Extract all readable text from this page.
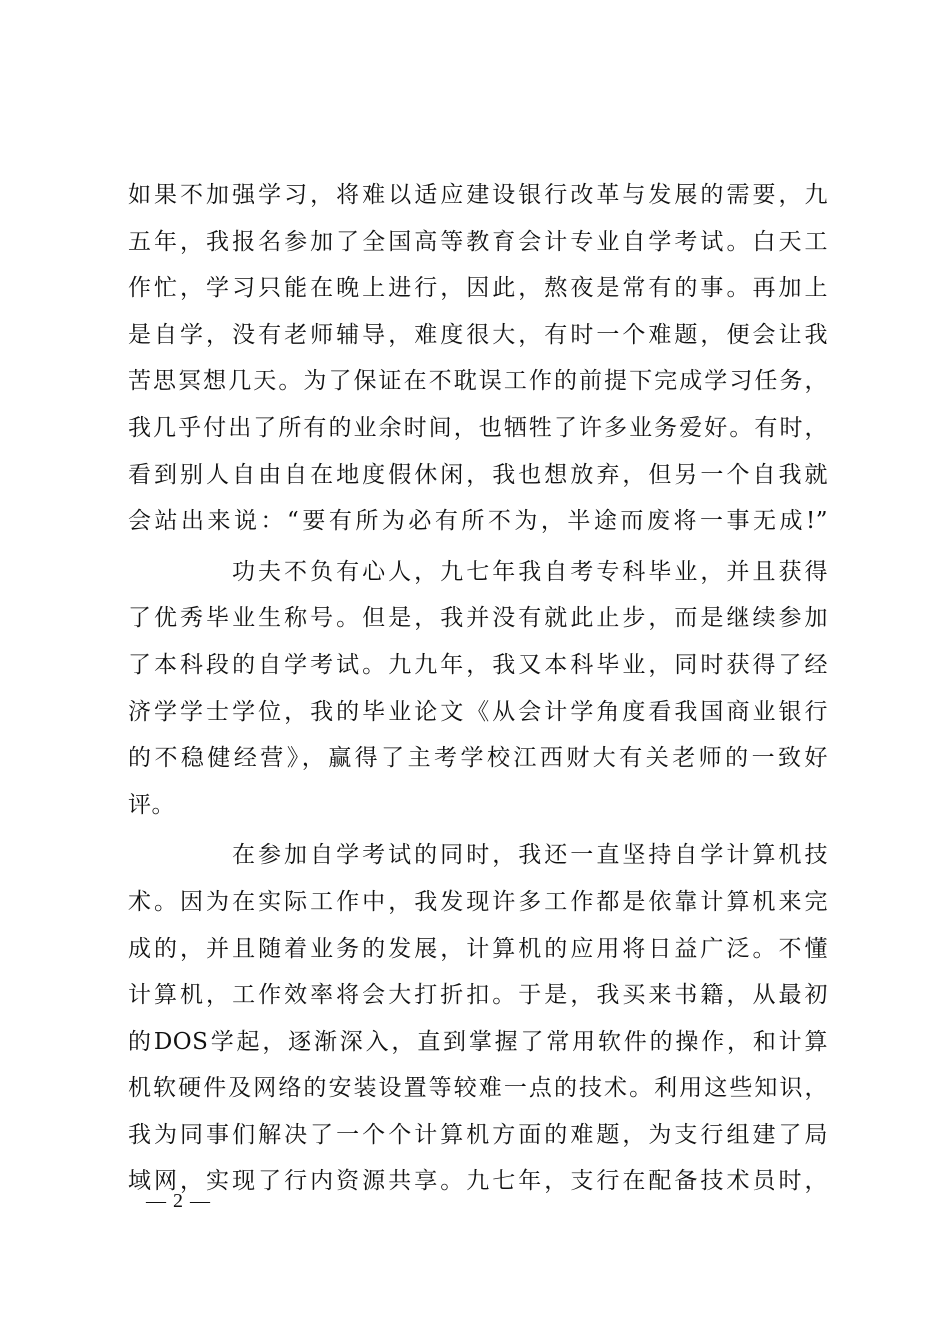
如果不加强学习，将难以适应建设银行改革与发展的需要，九
五年，我报名参加了全国高等教育会计专业自学考试。白天工
作忙，学习只能在晚上进行，因此，熬夜是常有的事。再加上
是自学，没有老师辅导，难度很大，有时一个难题，便会让我
苦思冥想几天。为了保证在不耽误工作的前提下完成学习任务，
我几乎付出了所有的业余时间，也牺牲了许多业务爱好。有时，
看到别人自由自在地度假休闲，我也想放弃，但另一个自我就
会站出来说：“要有所为必有所不为，半途而废将一事无成!”
功夫不负有心人，九七年我自考专科毕业，并且获得
了优秀毕业生称号。但是，我并没有就此止步，而是继续参加
了本科段的自学考试。九九年，我又本科毕业，同时获得了经
济学学士学位，我的毕业论文《从会计学角度看我国商业银行
的不稳健经营》，赢得了主考学校江西财大有关老师的一致好
评。
在参加自学考试的同时，我还一直坚持自学计算机技
术。因为在实际工作中，我发现许多工作都是依靠计算机来完
成的，并且随着业务的发展，计算机的应用将日益广泛。不懂
计算机，工作效率将会大打折扣。于是，我买来书籍，从最初
的DOS学起，逐渐深入，直到掌握了常用软件的操作，和计算
机软硬件及网络的安装设置等较难一点的技术。利用这些知识，
我为同事们解决了一个个计算机方面的难题，为支行组建了局
域网，实现了行内资源共享。九七年，支行在配备技术员时，
— 2 —
